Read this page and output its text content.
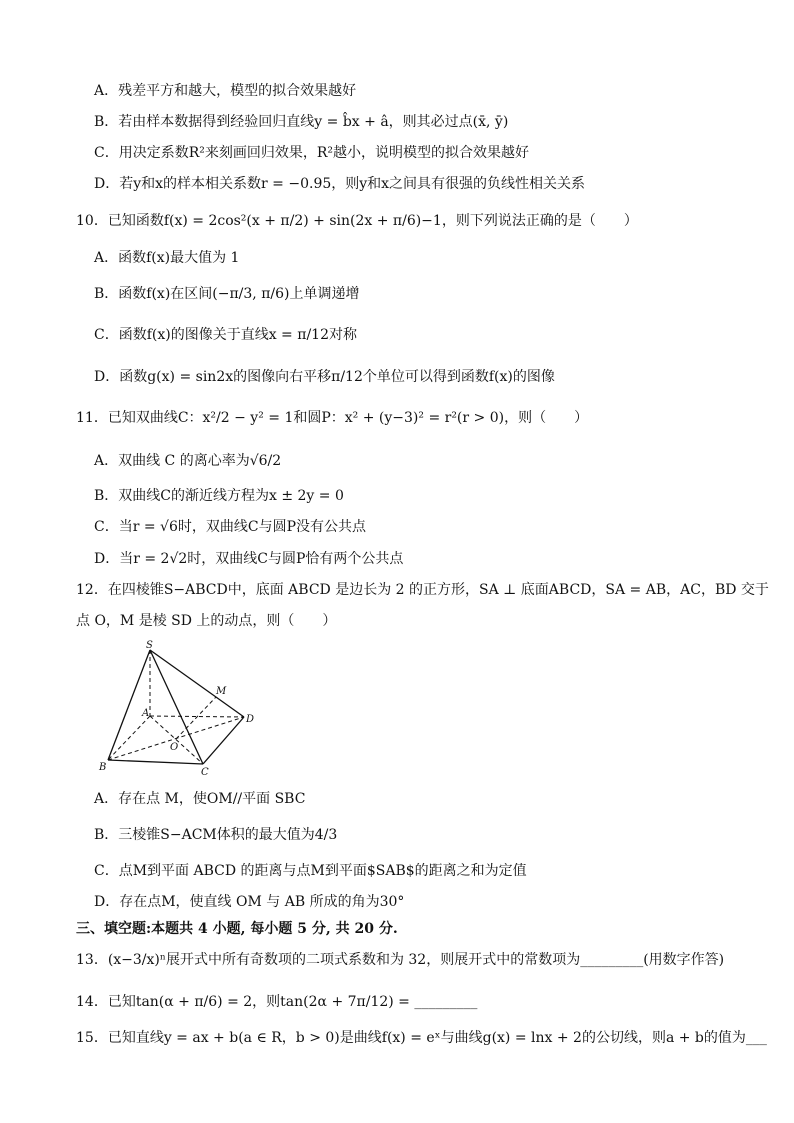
A．残差平方和越大，模型的拟合效果越好
B．若由样本数据得到经验回归直线y = b̂x + â，则其必过点(x̄, ȳ)
C．用决定系数R²来刻画回归效果，R²越小，说明模型的拟合效果越好
D．若y和x的样本相关系数r = −0.95，则y和x之间具有很强的负线性相关关系
10．已知函数f(x) = 2cos²(x + π/2) + sin(2x + π/6)−1，则下列说法正确的是（　　）
A．函数f(x)最大值为 1
B．函数f(x)在区间(−π/3, π/6)上单调递增
C．函数f(x)的图像关于直线x = π/12对称
D．函数g(x) = sin2x的图像向右平移π/12个单位可以得到函数f(x)的图像
11．已知双曲线C：x²/2 − y² = 1和圆P：x² + (y−3)² = r²(r > 0)，则（　　）
A．双曲线 C 的离心率为√6/2
B．双曲线C的渐近线方程为x ± 2y = 0
C．当r = √6时，双曲线C与圆P没有公共点
D．当r = 2√2时，双曲线C与圆P恰有两个公共点
12．在四棱锥S−ABCD中，底面 ABCD 是边长为 2 的正方形，SA ⊥ 底面ABCD，SA = AB，AC，BD 交于
点 O，M 是棱 SD 上的动点，则（　　）
S
M
A
D
O
B	C
A．存在点 M，使OM//平面 SBC
B．三棱锥S−ACM体积的最大值为4/3
C．点M到平面 ABCD 的距离与点M到平面$SAB$的距离之和为定值
D．存在点M，使直线 OM 与 AB 所成的角为30°
三、填空题:本题共 4 小题, 每小题 5 分, 共 20 分.
13．(x−3/x)ⁿ展开式中所有奇数项的二项式系数和为 32，则展开式中的常数项为_________(用数字作答)
14．已知tan(α + π/6) = 2，则tan(2α + 7π/12) = _________
15．已知直线y = ax + b(a ∈ R，b > 0)是曲线f(x) = eˣ与曲线g(x) = lnx + 2的公切线，则a + b的值为___
